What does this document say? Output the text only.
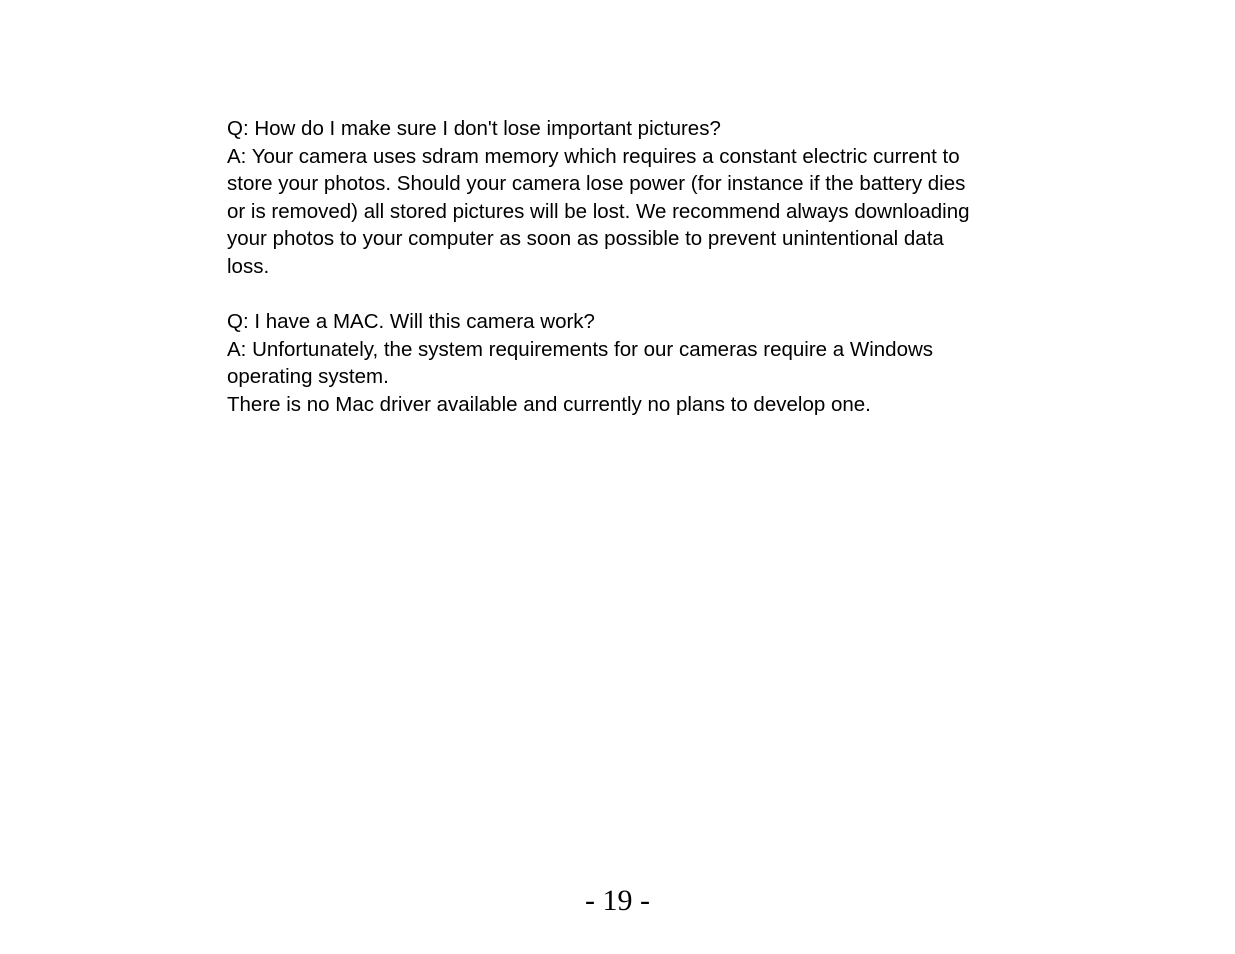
Q: How do I make sure I don't lose important pictures?
A: Your camera uses sdram memory which requires a constant electric current to
store your photos. Should your camera lose power (for instance if the battery dies
or is removed) all stored pictures will be lost. We recommend always downloading
your photos to your computer as soon as possible to prevent unintentional data
loss.
Q: I have a MAC. Will this camera work?
A: Unfortunately, the system requirements for our cameras require a Windows
operating system.
There is no Mac driver available and currently no plans to develop one.
- 19 -
